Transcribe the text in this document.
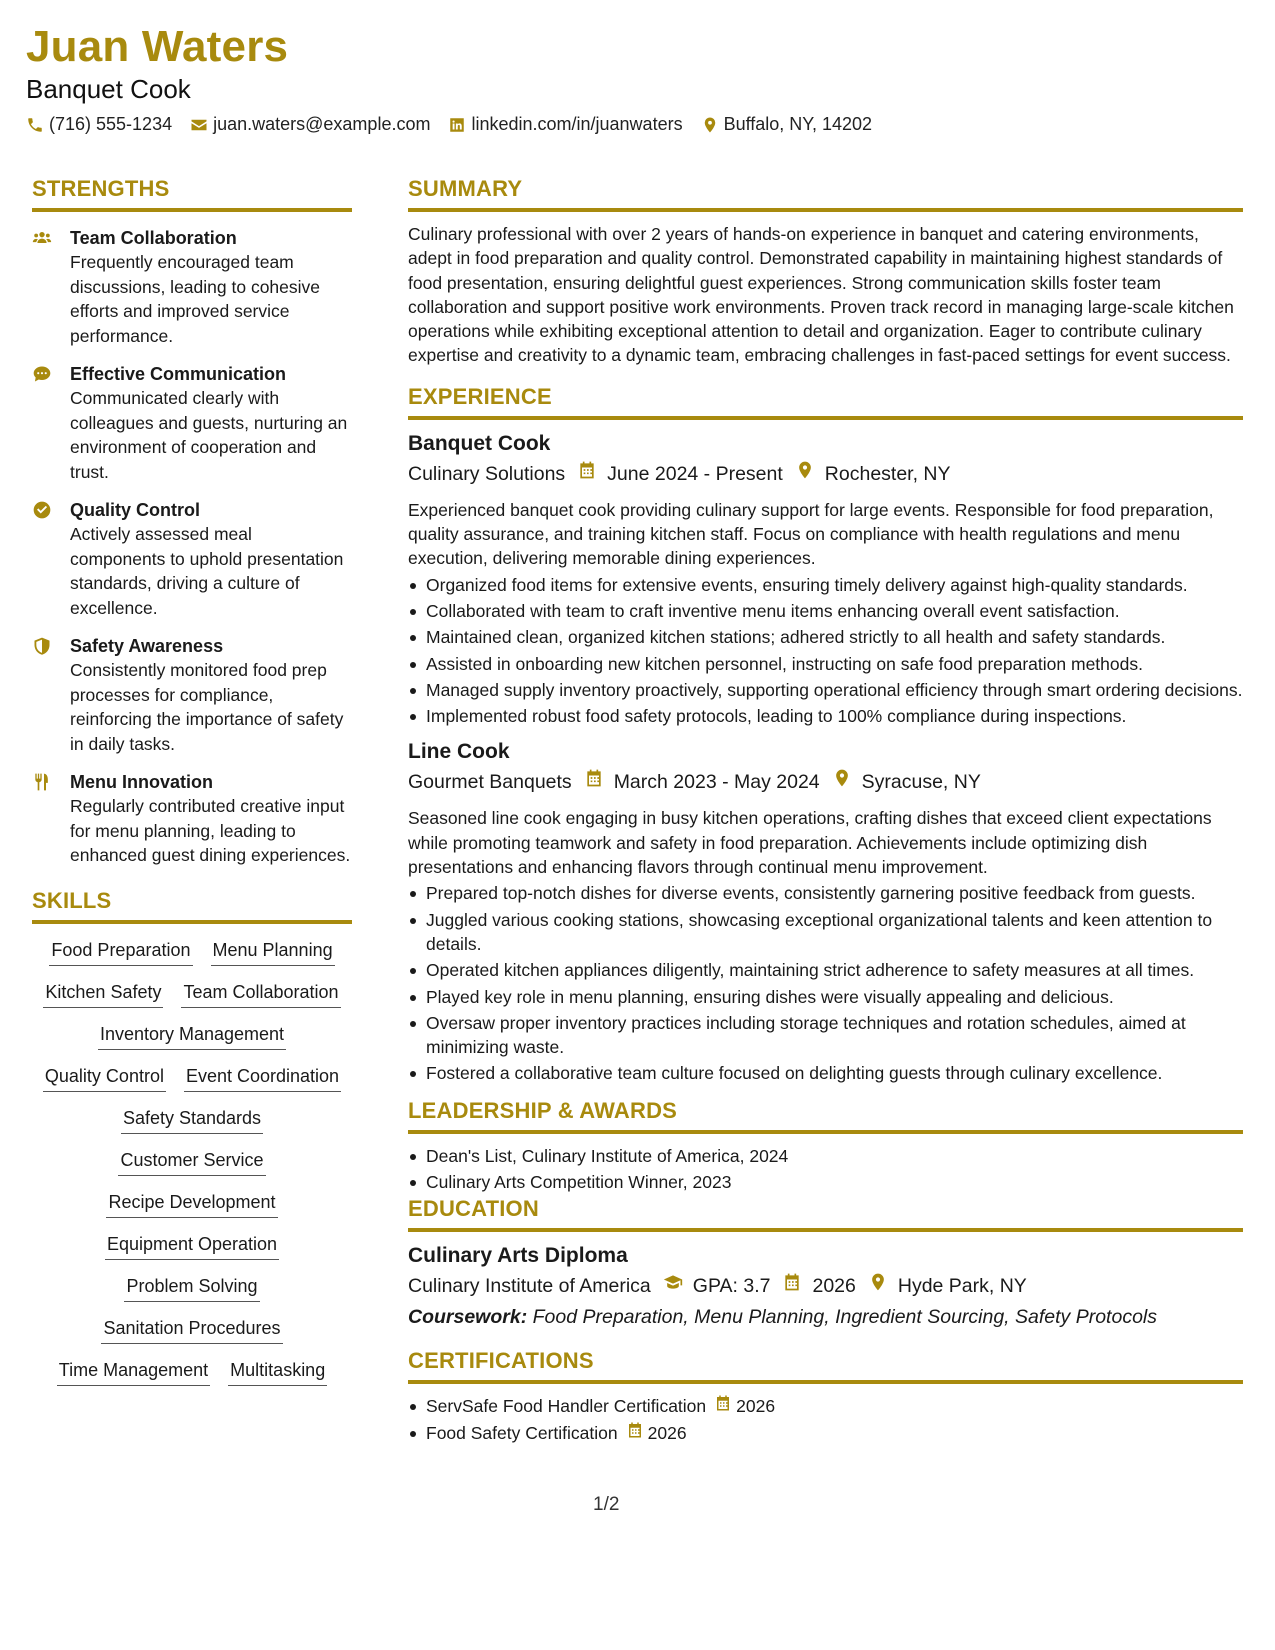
Juan Waters
Banquet Cook
(716) 555-1234 juan.waters@example.com linkedin.com/in/juanwaters Buffalo, NY, 14202
STRENGTHS
Team Collaboration
Frequently encouraged team discussions, leading to cohesive efforts and improved service performance.
Effective Communication
Communicated clearly with colleagues and guests, nurturing an environment of cooperation and trust.
Quality Control
Actively assessed meal components to uphold presentation standards, driving a culture of excellence.
Safety Awareness
Consistently monitored food prep processes for compliance, reinforcing the importance of safety in daily tasks.
Menu Innovation
Regularly contributed creative input for menu planning, leading to enhanced guest dining experiences.
SKILLS
Food Preparation Menu Planning
Kitchen Safety Team Collaboration
Inventory Management
Quality Control Event Coordination
Safety Standards
Customer Service
Recipe Development
Equipment Operation
Problem Solving
Sanitation Procedures
Time Management Multitasking
SUMMARY
Culinary professional with over 2 years of hands-on experience in banquet and catering environments, adept in food preparation and quality control. Demonstrated capability in maintaining highest standards of food presentation, ensuring delightful guest experiences. Strong communication skills foster team collaboration and support positive work environments. Proven track record in managing large-scale kitchen operations while exhibiting exceptional attention to detail and organization. Eager to contribute culinary expertise and creativity to a dynamic team, embracing challenges in fast-paced settings for event success.
EXPERIENCE
Banquet Cook
Culinary Solutions June 2024 - Present Rochester, NY
Experienced banquet cook providing culinary support for large events. Responsible for food preparation, quality assurance, and training kitchen staff. Focus on compliance with health regulations and menu execution, delivering memorable dining experiences.
Organized food items for extensive events, ensuring timely delivery against high-quality standards.
Collaborated with team to craft inventive menu items enhancing overall event satisfaction.
Maintained clean, organized kitchen stations; adhered strictly to all health and safety standards.
Assisted in onboarding new kitchen personnel, instructing on safe food preparation methods.
Managed supply inventory proactively, supporting operational efficiency through smart ordering decisions.
Implemented robust food safety protocols, leading to 100% compliance during inspections.
Line Cook
Gourmet Banquets March 2023 - May 2024 Syracuse, NY
Seasoned line cook engaging in busy kitchen operations, crafting dishes that exceed client expectations while promoting teamwork and safety in food preparation. Achievements include optimizing dish presentations and enhancing flavors through continual menu improvement.
Prepared top-notch dishes for diverse events, consistently garnering positive feedback from guests.
Juggled various cooking stations, showcasing exceptional organizational talents and keen attention to details.
Operated kitchen appliances diligently, maintaining strict adherence to safety measures at all times.
Played key role in menu planning, ensuring dishes were visually appealing and delicious.
Oversaw proper inventory practices including storage techniques and rotation schedules, aimed at minimizing waste.
Fostered a collaborative team culture focused on delighting guests through culinary excellence.
LEADERSHIP & AWARDS
Dean's List, Culinary Institute of America, 2024
Culinary Arts Competition Winner, 2023
EDUCATION
Culinary Arts Diploma
Culinary Institute of America GPA: 3.7 2026 Hyde Park, NY
Coursework: Food Preparation, Menu Planning, Ingredient Sourcing, Safety Protocols
CERTIFICATIONS
ServSafe Food Handler Certification 2026
Food Safety Certification 2026
1/2
